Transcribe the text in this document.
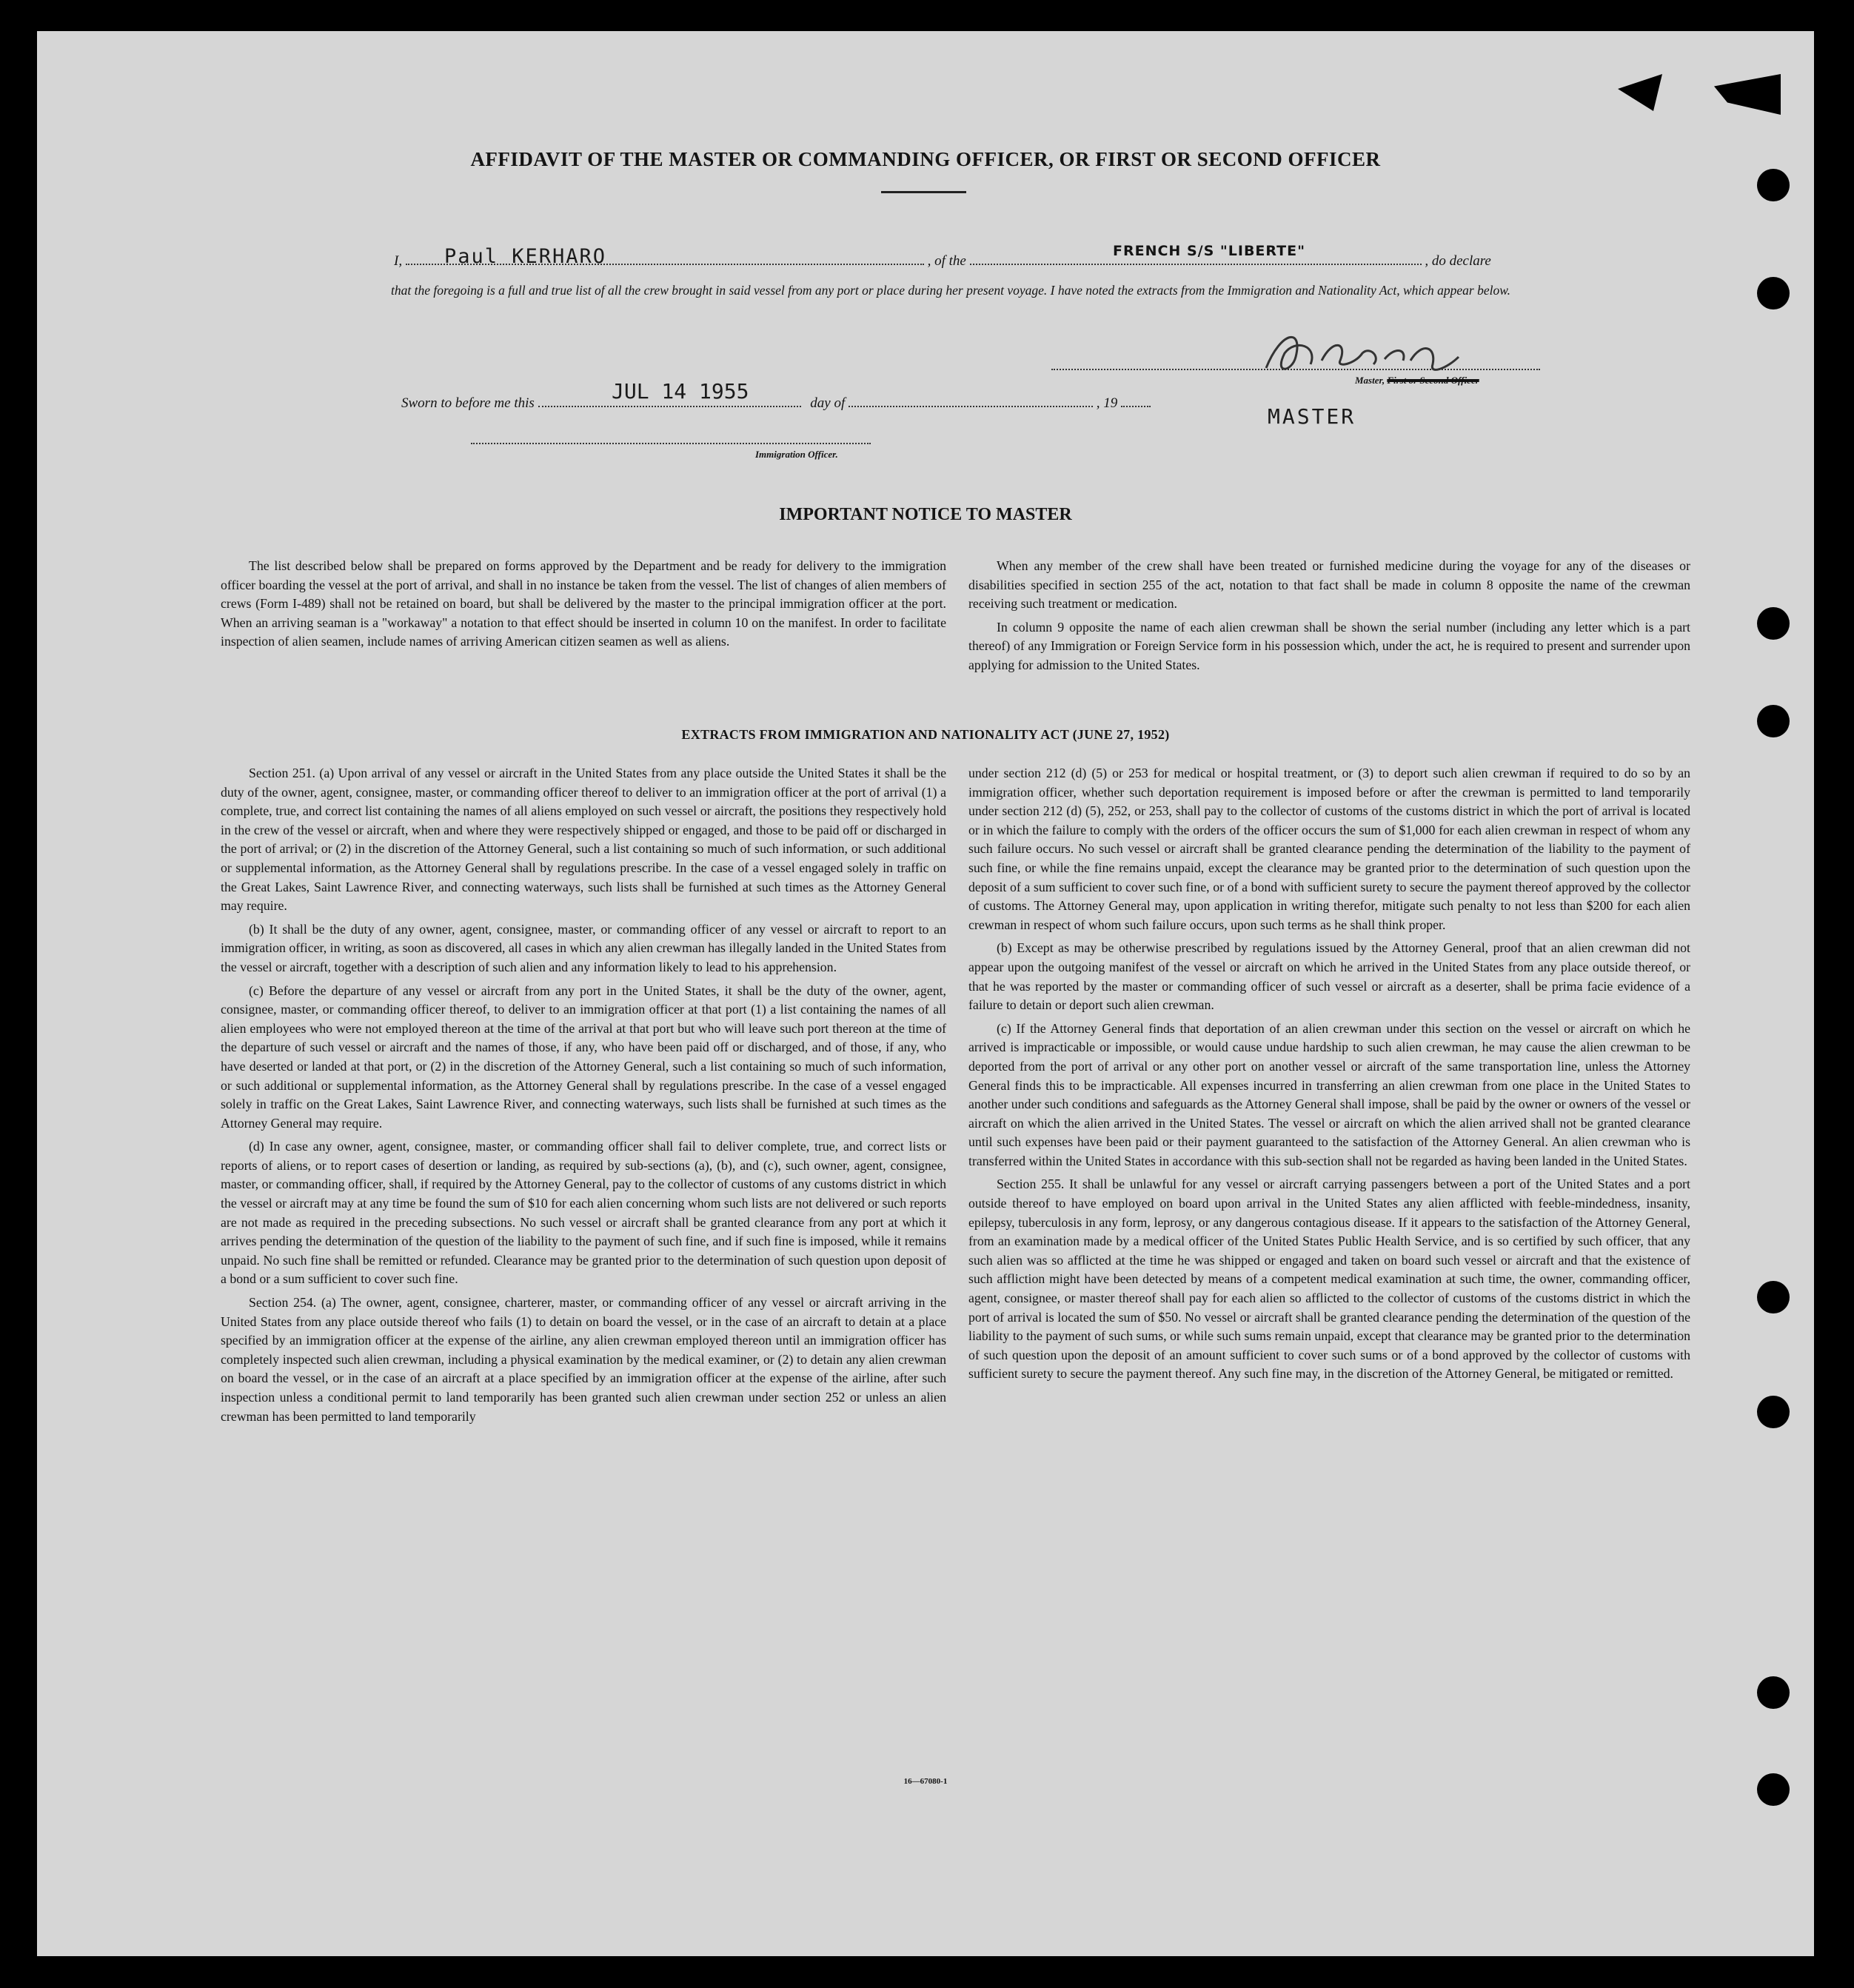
AFFIDAVIT OF THE MASTER OR COMMANDING OFFICER, OR FIRST OR SECOND OFFICER
I,	, of the	, do declare
Paul KERHARO	FRENCH S/S "LIBERTE"
that the foregoing is a full and true list of all the crew brought in said vessel from any port or place during her present voyage. I have noted the extracts from the Immigration and Nationality Act, which appear below.
Master, First or Second Officer
Sworn to before me this	day of	, 19
JUL 14 1955
MASTER
Immigration Officer.
IMPORTANT NOTICE TO MASTER

The list described below shall be prepared on forms approved by the Department and be ready for delivery to the immigration officer boarding the vessel at the port of arrival, and shall in no instance be taken from the vessel. The list of changes of alien members of crews (Form I-489) shall not be retained on board, but shall be delivered by the master to the principal immigration officer at the port. When an arriving seaman is a "workaway" a notation to that effect should be inserted in column 10 on the manifest. In order to facilitate inspection of alien seamen, include names of arriving American citizen seamen as well as aliens.

When any member of the crew shall have been treated or furnished medicine during the voyage for any of the diseases or disabilities specified in section 255 of the act, notation to that fact shall be made in column 8 opposite the name of the crewman receiving such treatment or medication.

In column 9 opposite the name of each alien crewman shall be shown the serial number (including any letter which is a part thereof) of any Immigration or Foreign Service form in his possession which, under the act, he is required to present and surrender upon applying for admission to the United States.

EXTRACTS FROM IMMIGRATION AND NATIONALITY ACT (JUNE 27, 1952)

Section 251. (a) Upon arrival of any vessel or aircraft in the United States from any place outside the United States it shall be the duty of the owner, agent, consignee, master, or commanding officer thereof to deliver to an immigration officer at the port of arrival (1) a complete, true, and correct list containing the names of all aliens employed on such vessel or aircraft, the positions they respectively hold in the crew of the vessel or aircraft, when and where they were respectively shipped or engaged, and those to be paid off or discharged in the port of arrival; or (2) in the discretion of the Attorney General, such a list containing so much of such information, or such additional or supplemental information, as the Attorney General shall by regulations prescribe. In the case of a vessel engaged solely in traffic on the Great Lakes, Saint Lawrence River, and connecting waterways, such lists shall be furnished at such times as the Attorney General may require.

(b) It shall be the duty of any owner, agent, consignee, master, or commanding officer of any vessel or aircraft to report to an immigration officer, in writing, as soon as discovered, all cases in which any alien crewman has illegally landed in the United States from the vessel or aircraft, together with a description of such alien and any information likely to lead to his apprehension.

(c) Before the departure of any vessel or aircraft from any port in the United States, it shall be the duty of the owner, agent, consignee, master, or commanding officer thereof, to deliver to an immigration officer at that port (1) a list containing the names of all alien employees who were not employed thereon at the time of the arrival at that port but who will leave such port thereon at the time of the departure of such vessel or aircraft and the names of those, if any, who have been paid off or discharged, and of those, if any, who have deserted or landed at that port, or (2) in the discretion of the Attorney General, such a list containing so much of such information, or such additional or supplemental information, as the Attorney General shall by regulations prescribe. In the case of a vessel engaged solely in traffic on the Great Lakes, Saint Lawrence River, and connecting waterways, such lists shall be furnished at such times as the Attorney General may require.

(d) In case any owner, agent, consignee, master, or commanding officer shall fail to deliver complete, true, and correct lists or reports of aliens, or to report cases of desertion or landing, as required by sub-sections (a), (b), and (c), such owner, agent, consignee, master, or commanding officer, shall, if required by the Attorney General, pay to the collector of customs of any customs district in which the vessel or aircraft may at any time be found the sum of $10 for each alien concerning whom such lists are not delivered or such reports are not made as required in the preceding subsections. No such vessel or aircraft shall be granted clearance from any port at which it arrives pending the determination of the question of the liability to the payment of such fine, and if such fine is imposed, while it remains unpaid. No such fine shall be remitted or refunded. Clearance may be granted prior to the determination of such question upon deposit of a bond or a sum sufficient to cover such fine.

Section 254. (a) The owner, agent, consignee, charterer, master, or commanding officer of any vessel or aircraft arriving in the United States from any place outside thereof who fails (1) to detain on board the vessel, or in the case of an aircraft to detain at a place specified by an immigration officer at the expense of the airline, any alien crewman employed thereon until an immigration officer has completely inspected such alien crewman, including a physical examination by the medical examiner, or (2) to detain any alien crewman on board the vessel, or in the case of an aircraft at a place specified by an immigration officer at the expense of the airline, after such inspection unless a conditional permit to land temporarily has been granted such alien crewman under section 252 or unless an alien crewman has been permitted to land temporarily

under section 212 (d) (5) or 253 for medical or hospital treatment, or (3) to deport such alien crewman if required to do so by an immigration officer, whether such deportation requirement is imposed before or after the crewman is permitted to land temporarily under section 212 (d) (5), 252, or 253, shall pay to the collector of customs of the customs district in which the port of arrival is located or in which the failure to comply with the orders of the officer occurs the sum of $1,000 for each alien crewman in respect of whom any such failure occurs. No such vessel or aircraft shall be granted clearance pending the determination of the liability to the payment of such fine, or while the fine remains unpaid, except the clearance may be granted prior to the determination of such question upon the deposit of a sum sufficient to cover such fine, or of a bond with sufficient surety to secure the payment thereof approved by the collector of customs. The Attorney General may, upon application in writing therefor, mitigate such penalty to not less than $200 for each alien crewman in respect of whom such failure occurs, upon such terms as he shall think proper.

(b) Except as may be otherwise prescribed by regulations issued by the Attorney General, proof that an alien crewman did not appear upon the outgoing manifest of the vessel or aircraft on which he arrived in the United States from any place outside thereof, or that he was reported by the master or commanding officer of such vessel or aircraft as a deserter, shall be prima facie evidence of a failure to detain or deport such alien crewman.

(c) If the Attorney General finds that deportation of an alien crewman under this section on the vessel or aircraft on which he arrived is impracticable or impossible, or would cause undue hardship to such alien crewman, he may cause the alien crewman to be deported from the port of arrival or any other port on another vessel or aircraft of the same transportation line, unless the Attorney General finds this to be impracticable. All expenses incurred in transferring an alien crewman from one place in the United States to another under such conditions and safeguards as the Attorney General shall impose, shall be paid by the owner or owners of the vessel or aircraft on which the alien arrived in the United States. The vessel or aircraft on which the alien arrived shall not be granted clearance until such expenses have been paid or their payment guaranteed to the satisfaction of the Attorney General. An alien crewman who is transferred within the United States in accordance with this sub-section shall not be regarded as having been landed in the United States.

Section 255. It shall be unlawful for any vessel or aircraft carrying passengers between a port of the United States and a port outside thereof to have employed on board upon arrival in the United States any alien afflicted with feeble-mindedness, insanity, epilepsy, tuberculosis in any form, leprosy, or any dangerous contagious disease. If it appears to the satisfaction of the Attorney General, from an examination made by a medical officer of the United States Public Health Service, and is so certified by such officer, that any such alien was so afflicted at the time he was shipped or engaged and taken on board such vessel or aircraft and that the existence of such affliction might have been detected by means of a competent medical examination at such time, the owner, commanding officer, agent, consignee, or master thereof shall pay for each alien so afflicted to the collector of customs of the customs district in which the port of arrival is located the sum of $50. No vessel or aircraft shall be granted clearance pending the determination of the question of the liability to the payment of such sums, or while such sums remain unpaid, except that clearance may be granted prior to the determination of such question upon the deposit of an amount sufficient to cover such sums or of a bond approved by the collector of customs with sufficient surety to secure the payment thereof. Any such fine may, in the discretion of the Attorney General, be mitigated or remitted.

16—67080-1
